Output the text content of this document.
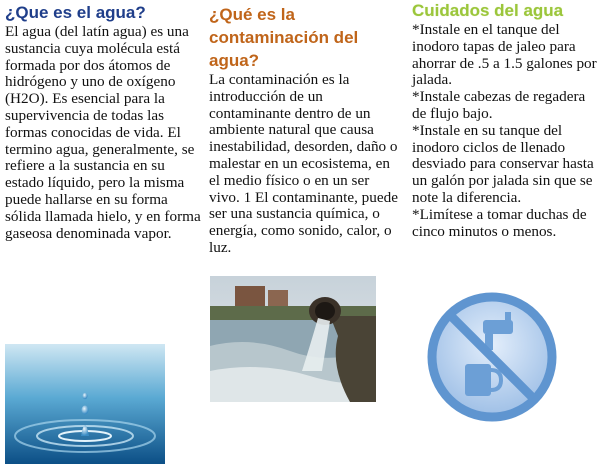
¿Que es el agua?

El agua (del latín agua) es una sustancia cuya molécula está formada por dos átomos de hidrógeno y uno de oxígeno (H2O). Es esencial para la supervivencia de todas las formas conocidas de vida. El termino agua, generalmente, se refiere a la sustancia en su estado líquido, pero la misma puede hallarse en su forma sólida llamada hielo, y en forma gaseosa denominada vapor.

¿Qué es la contaminación del agua?

La contaminación es la introducción de un contaminante dentro de un ambiente natural que causa inestabilidad, desorden, daño o malestar en un ecosistema, en el medio físico o en un ser vivo. 1 El contaminante, puede ser una sustancia química, o energía, como sonido, calor, o luz.

Cuidados del agua

*Instale en el tanque del inodoro tapas de jaleo para ahorrar de .5 a 1.5 galones por jalada.

*Instale cabezas de regadera de flujo bajo.

*Instale en su tanque del inodoro ciclos de llenado desviado para conservar hasta un galón por jalada sin que se note la diferencia.

*Limítese a tomar duchas de cinco minutos o menos.
